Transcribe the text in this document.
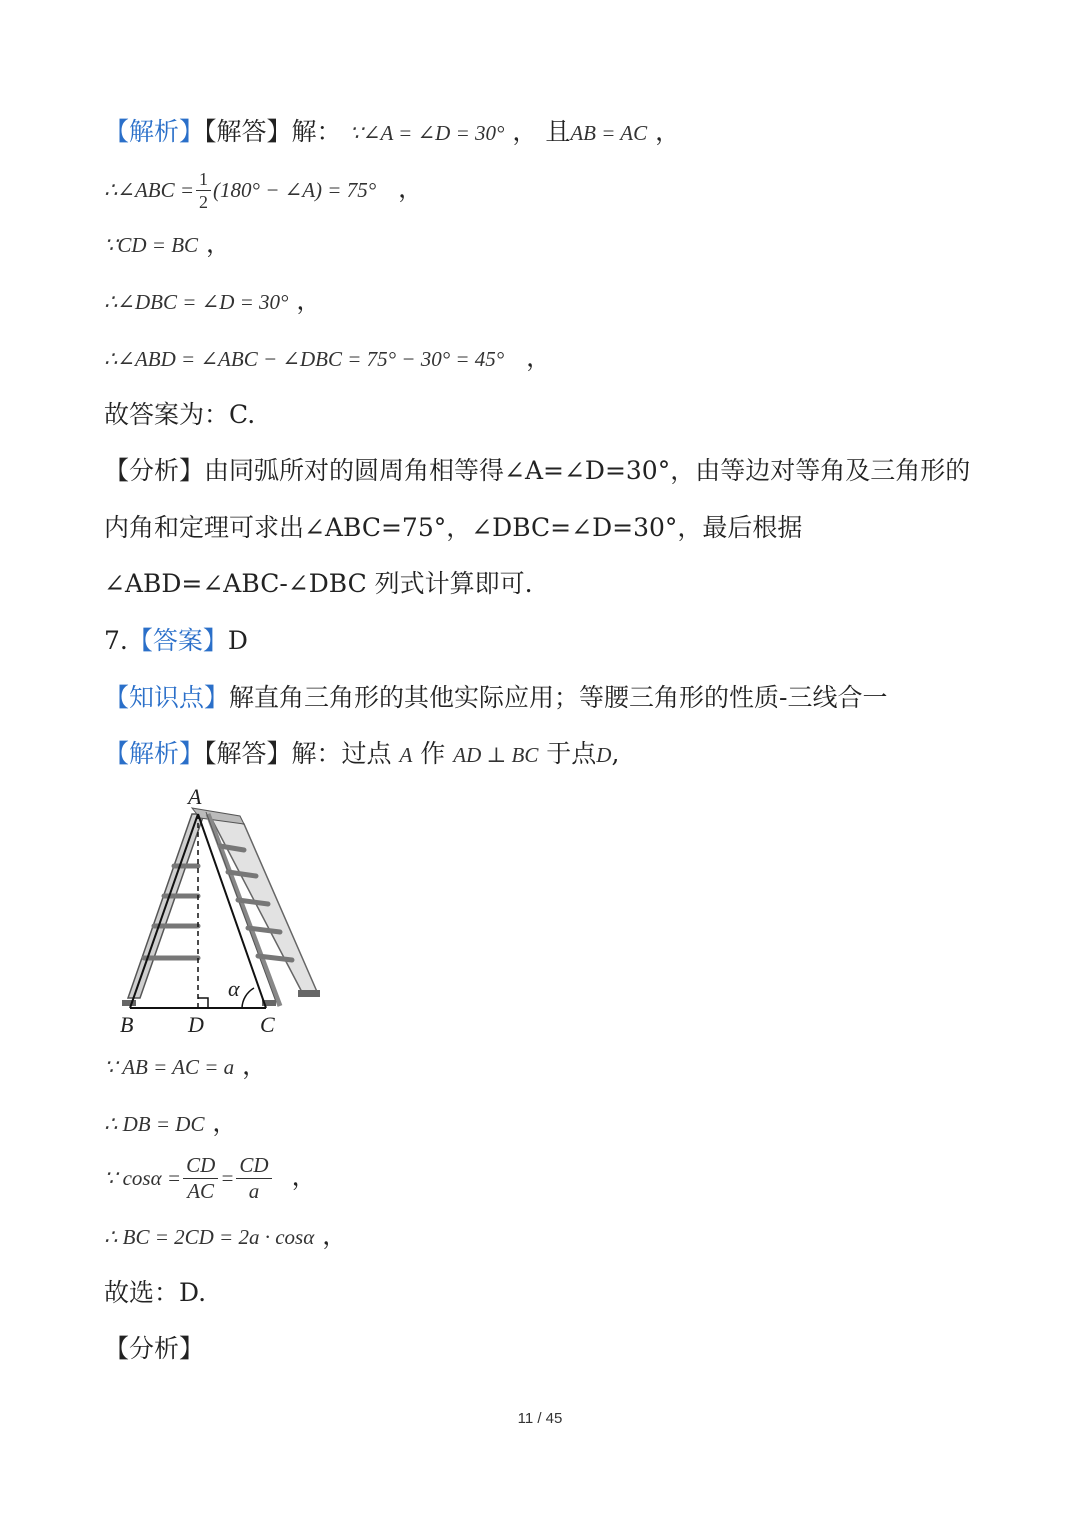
【解析】【解答】解： ∵∠A = ∠D = 30° ， 且AB = AC ，
∴∠ABC = $\frac{1}{2} (180^\circ$ − ∠A) = 75° ，
∵CD = BC ，
∴∠DBC = ∠D = 30° ，
∴∠ABD = ∠ABC − ∠DBC = 75° − 30° = 45° ，
故答案为：C.
【分析】由同弧所对的圆周角相等得∠A=∠D=30°，由等边对等角及三角形的
内角和定理可求出∠ABC=75°，∠DBC=∠D=30°，最后根据
∠ABD=∠ABC-∠DBC 列式计算即可.
7.【答案】D
【知识点】解直角三角形的其他实际应用；等腰三角形的性质-三线合一
【解析】【解答】解：过点 A 作 AD ⊥ BC 于点D,
A
B D	C
α
∵ AB = AC = a ，
∴ DB = DC ，
∵ $\cos\alpha = \frac{CD}{AC} = \frac{CD}{a}$ ，
∴ BC = 2CD = 2a · cosα ，
故选：D.
【分析】
11 / 45
